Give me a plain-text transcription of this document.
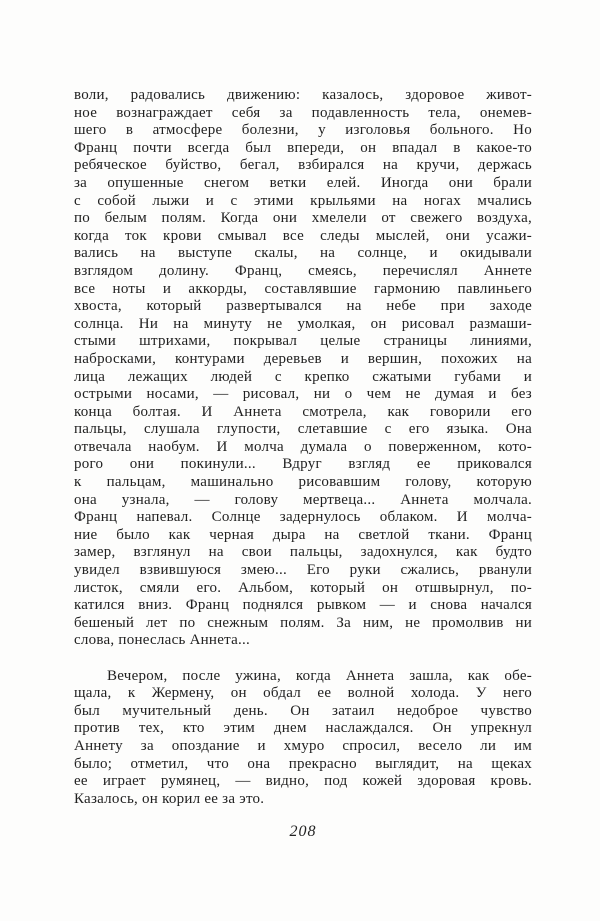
воли, радовались движению: казалось, здоровое живот-
ное вознаграждает себя за подавленность тела, онемев-
шего в атмосфере болезни, у изголовья больного. Но
Франц почти всегда был впереди, он впадал в какое-то
ребяческое буйство, бегал, взбирался на кручи, держась
за опушенные снегом ветки елей. Иногда они брали
с собой лыжи и с этими крыльями на ногах мчались
по белым полям. Когда они хмелели от свежего воздуха,
когда ток крови смывал все следы мыслей, они усажи-
вались на выступе скалы, на солнце, и окидывали
взглядом долину. Франц, смеясь, перечислял Аннете
все ноты и аккорды, составлявшие гармонию павлиньего
хвоста, который развертывался на небе при заходе
солнца. Ни на минуту не умолкая, он рисовал размаши-
стыми штрихами, покрывал целые страницы линиями,
набросками, контурами деревьев и вершин, похожих на
лица лежащих людей с крепко сжатыми губами и
острыми носами, — рисовал, ни о чем не думая и без
конца болтая. И Аннета смотрела, как говорили его
пальцы, слушала глупости, слетавшие с его языка. Она
отвечала наобум. И молча думала о поверженном, кото-
рого они покинули... Вдруг взгляд ее приковался
к пальцам, машинально рисовавшим голову, которую
она узнала, — голову мертвеца... Аннета молчала.
Франц напевал. Солнце задернулось облаком. И молча-
ние было как черная дыра на светлой ткани. Франц
замер, взглянул на свои пальцы, задохнулся, как будто
увидел взвившуюся змею... Его руки сжались, рванули
листок, смяли его. Альбом, который он отшвырнул, по-
катился вниз. Франц поднялся рывком — и снова начался
бешеный лет по снежным полям. За ним, не промолвив ни
слова, понеслась Аннета...
Вечером, после ужина, когда Аннета зашла, как обе-
щала, к Жермену, он обдал ее волной холода. У него
был мучительный день. Он затаил недоброе чувство
против тех, кто этим днем наслаждался. Он упрекнул
Аннету за опоздание и хмуро спросил, весело ли им
было; отметил, что она прекрасно выглядит, на щеках
ее играет румянец, — видно, под кожей здоровая кровь.
Казалось, он корил ее за это.
208
